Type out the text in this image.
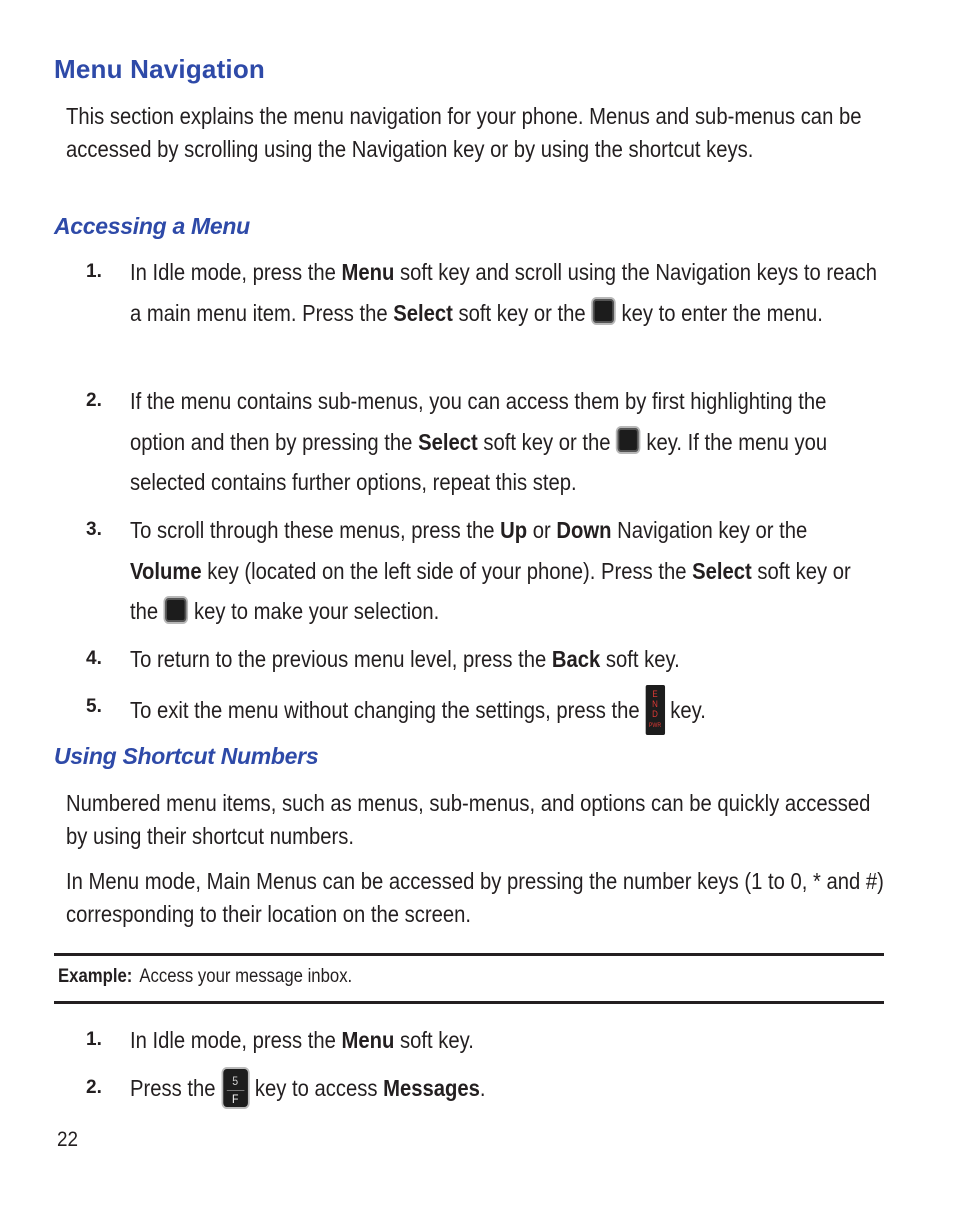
Menu Navigation

This section explains the menu navigation for your phone. Menus and sub-menus can be accessed by scrolling using the Navigation key or by using the shortcut keys.

Accessing a Menu
1. In Idle mode, press the Menu soft key and scroll using the Navigation keys to reach a main menu item. Press the Select soft key or the  key to enter the menu.
2. If the menu contains sub-menus, you can access them by first highlighting the option and then by pressing the Select soft key or the  key. If the menu you selected contains further options, repeat this step.
3. To scroll through these menus, press the Up or Down Navigation key or the Volume key (located on the left side of your phone). Press the Select soft key or the  key to make your selection.
4. To return to the previous menu level, press the Back soft key.
5. To exit the menu without changing the settings, press the
END
PWR
key.
Using Shortcut Numbers

Numbered menu items, such as menus, sub-menus, and options can be quickly accessed by using their shortcut numbers.

In Menu mode, Main Menus can be accessed by pressing the number keys (1 to 0, * and #) corresponding to their location on the screen.

Example: Access your message inbox.
1. In Idle mode, press the Menu soft key.
2. Press the $\frac{5}{F}$ key to access Messages.
22
